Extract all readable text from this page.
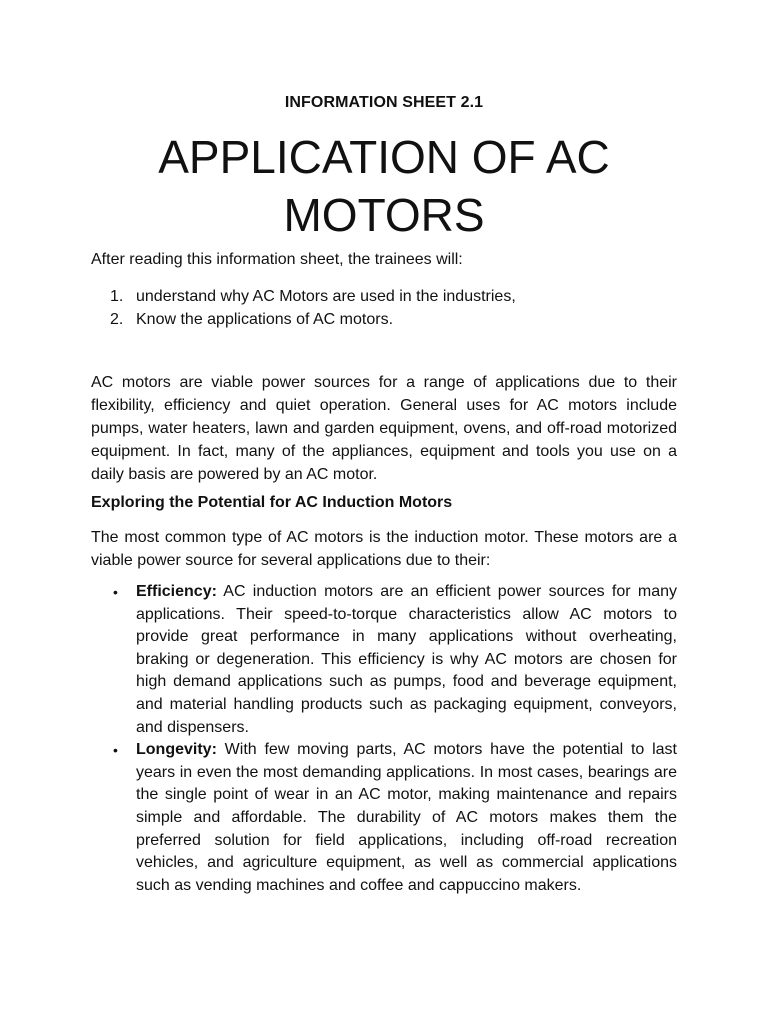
INFORMATION SHEET 2.1
APPLICATION OF AC
MOTORS
After reading this information sheet, the trainees will:
1. understand why AC Motors are used in the industries,
2. Know the applications of AC motors.

AC motors are viable power sources for a range of applications due to their flexibility, efficiency and quiet operation. General uses for AC motors include pumps, water heaters, lawn and garden equipment, ovens, and off-road motorized equipment. In fact, many of the appliances, equipment and tools you use on a daily basis are powered by an AC motor.

Exploring the Potential for AC Induction Motors

The most common type of AC motors is the induction motor. These motors are a viable power source for several applications due to their:

• Efficiency: AC induction motors are an efficient power sources for many applications. Their speed-to-torque characteristics allow AC motors to provide great performance in many applications without overheating, braking or degeneration. This efficiency is why AC motors are chosen for high demand applications such as pumps, food and beverage equipment, and material handling products such as packaging equipment, conveyors, and dispensers.
• Longevity: With few moving parts, AC motors have the potential to last years in even the most demanding applications. In most cases, bearings are the single point of wear in an AC motor, making maintenance and repairs simple and affordable. The durability of AC motors makes them the preferred solution for field applications, including off-road recreation vehicles, and agriculture equipment, as well as commercial applications such as vending machines and coffee and cappuccino makers.
